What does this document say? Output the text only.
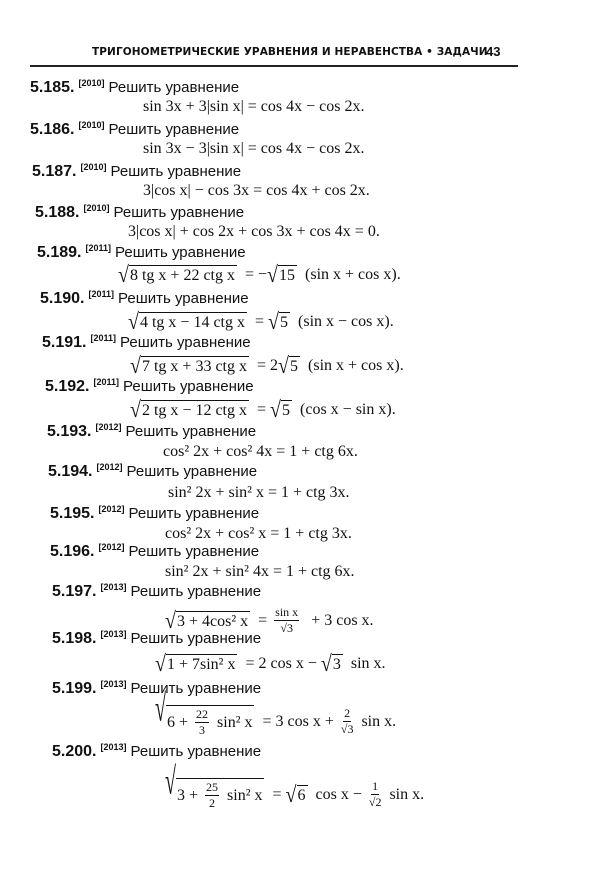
ТРИГОНОМЕТРИЧЕСКИЕ УРАВНЕНИЯ И НЕРАВЕНСТВА • ЗАДАЧИ
43
5.185. [2010] Решить уравнение
sin 3x + 3|sin x| = cos 4x − cos 2x.
5.186. [2010] Решить уравнение
sin 3x − 3|sin x| = cos 4x − cos 2x.
5.187. [2010] Решить уравнение
3|cos x| − cos 3x = cos 4x + cos 2x.
5.188. [2010] Решить уравнение
3|cos x| + cos 2x + cos 3x + cos 4x = 0.
5.189. [2011] Решить уравнение
√ 8 tg x + 22 ctg x = − √ 15 (sin x + cos x).
5.190. [2011] Решить уравнение
√ 4 tg x − 14 ctg x = √ 5 (sin x − cos x).
5.191. [2011] Решить уравнение
√ 7 tg x + 33 ctg x = 2 √ 5 (sin x + cos x).
5.192. [2011] Решить уравнение
√ 2 tg x − 12 ctg x = √ 5 (cos x − sin x).
5.193. [2012] Решить уравнение
cos² 2x + cos² 4x = 1 + ctg 6x.
5.194. [2012] Решить уравнение
sin² 2x + sin² x = 1 + ctg 3x.
5.195. [2012] Решить уравнение
cos² 2x + cos² x = 1 + ctg 3x.
5.196. [2012] Решить уравнение
sin² 2x + sin² 4x = 1 + ctg 6x.
5.197. [2013] Решить уравнение
√ 3 + 4cos² $x = \frac{\text{sin x}}{√3} + 3$ cos x.
5.198. [2013] Решить уравнение
√ 1 + 7sin² x = 2 cos x − √ 3 sin x.
5.199. [2013] Решить уравнение
√ $6 + \frac{22}{3} \sin^2$ x = 3 $\cos x + \frac{2}{√3}$ sin x.
5.200. [2013] Решить уравнение
√ $3 + \frac{25}{2} \sin^2$ x = √ 6 $\cos x - \frac{1}{√2}$ sin x.
